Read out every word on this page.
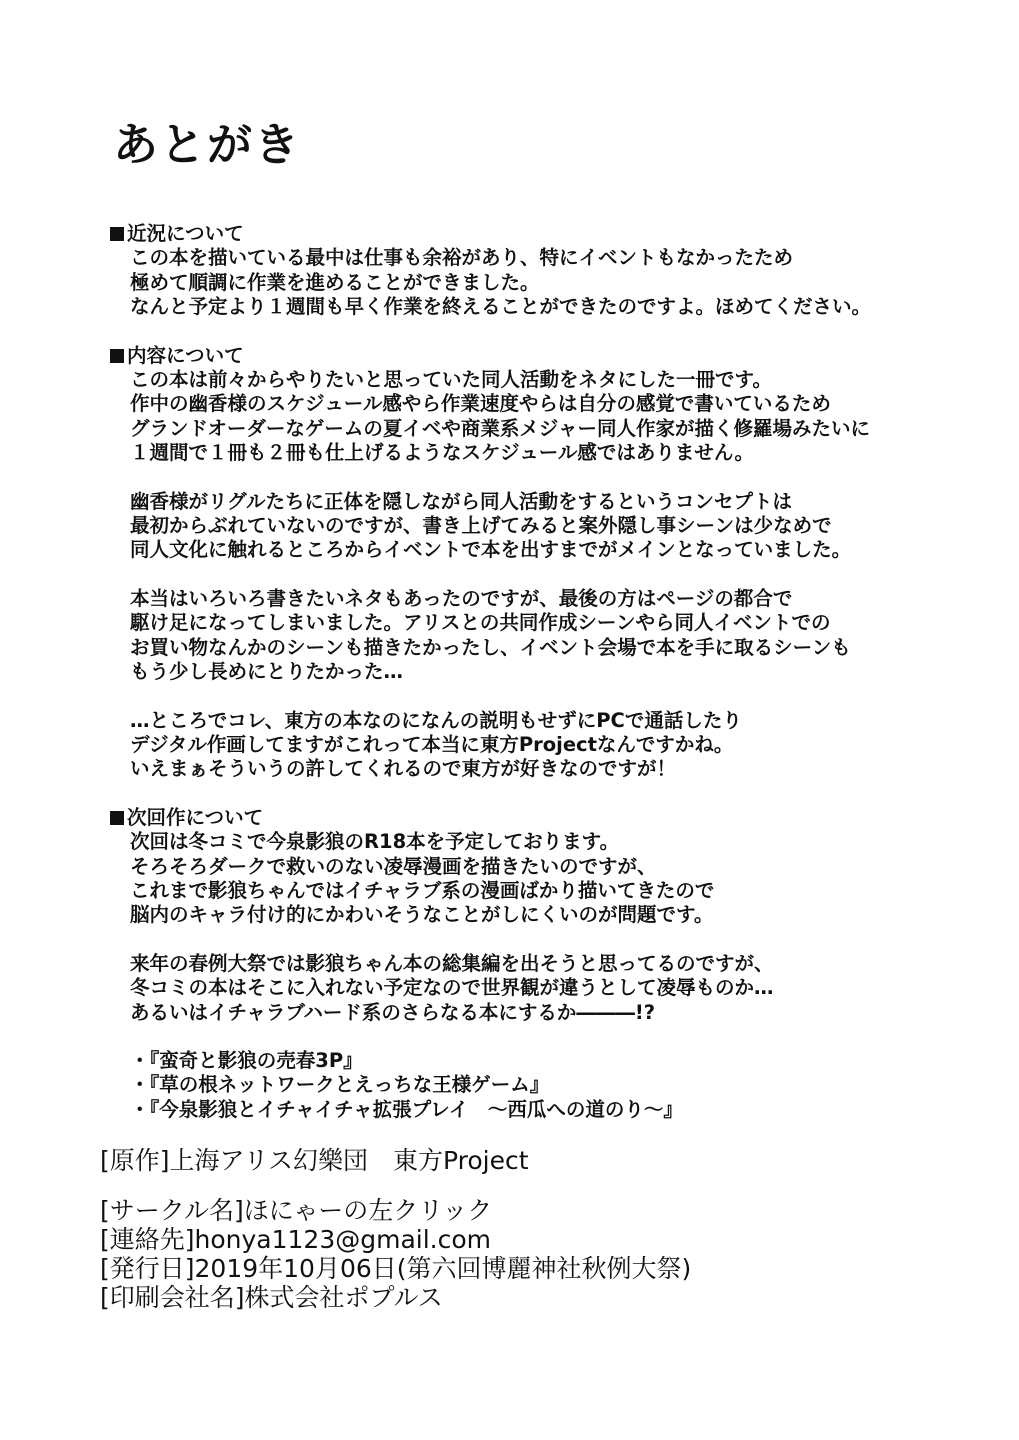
あとがき
近況について
この本を描いている最中は仕事も余裕があり、特にイベントもなかったため
極めて順調に作業を進めることができました。
なんと予定より１週間も早く作業を終えることができたのですよ。ほめてください。
内容について
この本は前々からやりたいと思っていた同人活動をネタにした一冊です。
作中の幽香様のスケジュール感やら作業速度やらは自分の感覚で書いているため
グランドオーダーなゲームの夏イベや商業系メジャー同人作家が描く修羅場みたいに
１週間で１冊も２冊も仕上げるようなスケジュール感ではありません。
幽香様がリグルたちに正体を隠しながら同人活動をするというコンセプトは
最初からぶれていないのですが、書き上げてみると案外隠し事シーンは少なめで
同人文化に触れるところからイベントで本を出すまでがメインとなっていました。
本当はいろいろ書きたいネタもあったのですが、最後の方はページの都合で
駆け足になってしまいました。アリスとの共同作成シーンやら同人イベントでの
お買い物なんかのシーンも描きたかったし、イベント会場で本を手に取るシーンも
もう少し長めにとりたかった…
…ところでコレ、東方の本なのになんの説明もせずにPCで通話したり
デジタル作画してますがこれって本当に東方Projectなんですかね。
いえまぁそういうの許してくれるので東方が好きなのですが！
次回作について
次回は冬コミで今泉影狼のR18本を予定しております。
そろそろダークで救いのない凌辱漫画を描きたいのですが、
これまで影狼ちゃんではイチャラブ系の漫画ばかり描いてきたので
脳内のキャラ付け的にかわいそうなことがしにくいのが問題です。
来年の春例大祭では影狼ちゃん本の総集編を出そうと思ってるのですが、
冬コミの本はそこに入れない予定なので世界観が違うとして凌辱ものか…
あるいはイチャラブハード系のさらなる本にするか―――!?
・『蛮奇と影狼の売春3P』
・『草の根ネットワークとえっちな王様ゲーム』
・『今泉影狼とイチャイチャ拡張プレイ　〜西瓜への道のり〜』
[原作]上海アリス幻樂団　東方Project
[サークル名]ほにゃーの左クリック
[連絡先]honya1123@gmail.com
[発行日]2019年10月06日(第六回博麗神社秋例大祭)
[印刷会社名]株式会社ポプルス
